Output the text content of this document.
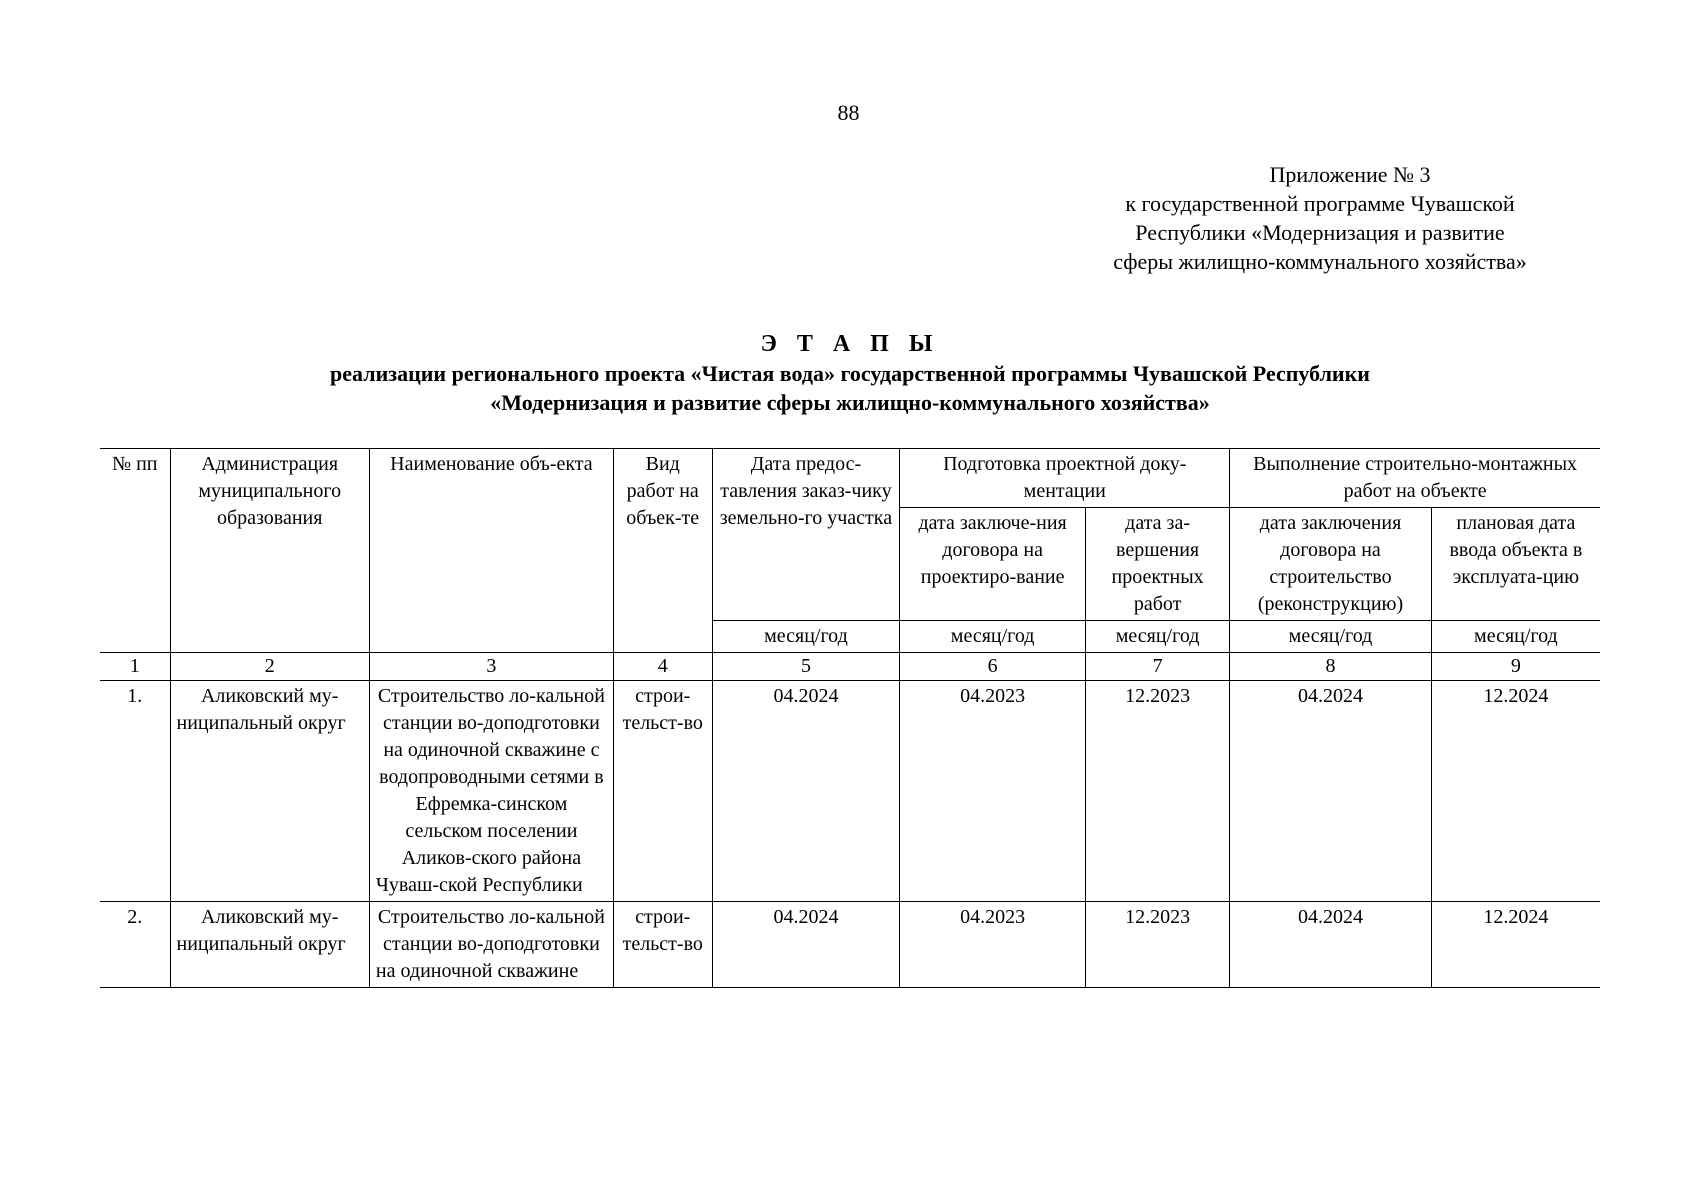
88
Приложение № 3
к государственной программе Чувашской
Республики «Модернизация и развитие
сферы жилищно-коммунального хозяйства»
Э Т А П Ы
реализации регионального проекта «Чистая вода» государственной программы Чувашской Республики
«Модернизация и развитие сферы жилищно-коммунального хозяйства»
№ пп	Администрация муниципального образования	Наименование объ-екта	Вид работ на объек-те	Дата предос-тавления заказ-чику земельно-го участка	Подготовка проектной доку-ментации		Выполнение строительно-монтажных работ на объекте	
					дата заключе-ния договора на проектиро-вание	дата за-вершения проектных работ	дата заключения договора на строительство (реконструкцию)	плановая дата ввода объекта в эксплуата-цию
				месяц/год	месяц/год	месяц/год	месяц/год	месяц/год
1	2	3	4	5	6	7	8	9
1.	Аликовский му-ниципальный округ	Строительство ло-кальной станции во-доподготовки на одиночной скважине с водопроводными сетями в Ефремка-синском сельском поселении Аликов-ского района Чуваш-ской Республики	строи-тельст-во	04.2024	04.2023	12.2023	04.2024	12.2024
2.	Аликовский му-ниципальный округ	Строительство ло-кальной станции во-доподготовки на одиночной скважине	строи-тельст-во	04.2024	04.2023	12.2023	04.2024	12.2024
